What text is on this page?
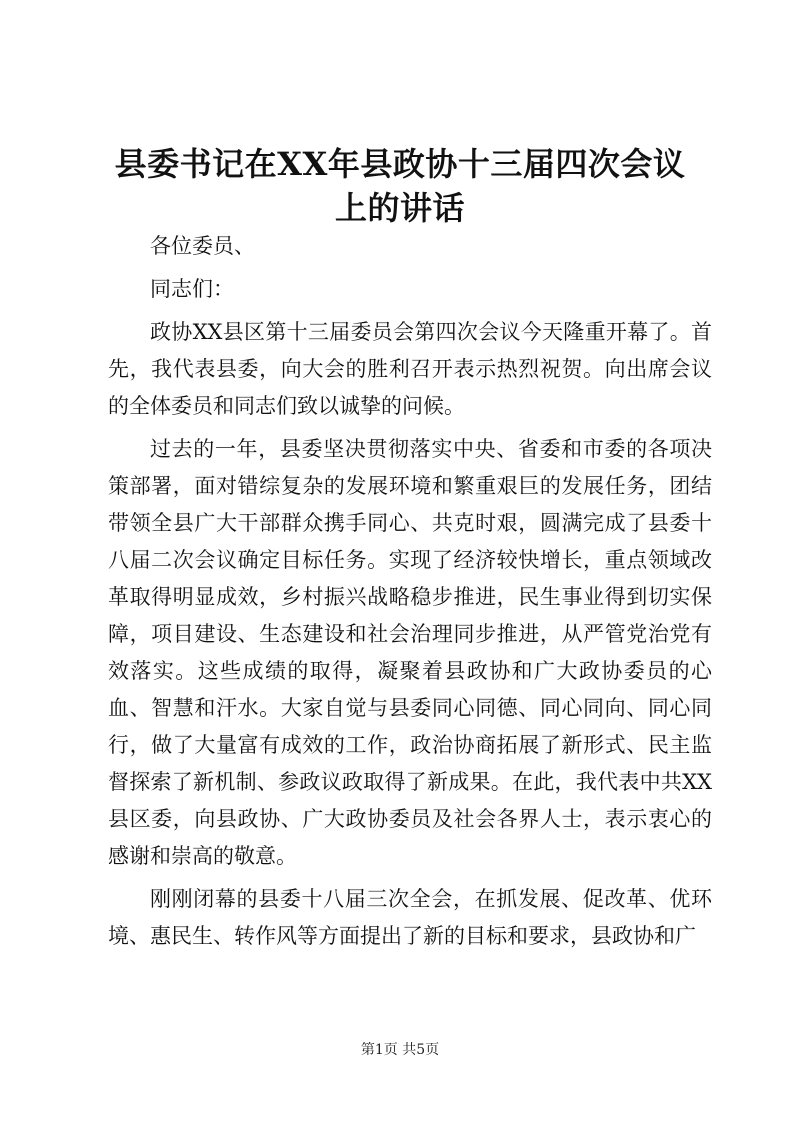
县委书记在XX年县政协十三届四次会议上的讲话

各位委员、

同志们：

政协XX县区第十三届委员会第四次会议今天隆重开幕了。首先，我代表县委，向大会的胜利召开表示热烈祝贺。向出席会议的全体委员和同志们致以诚挚的问候。

过去的一年，县委坚决贯彻落实中央、省委和市委的各项决策部署，面对错综复杂的发展环境和繁重艰巨的发展任务，团结带领全县广大干部群众携手同心、共克时艰，圆满完成了县委十八届二次会议确定目标任务。实现了经济较快增长，重点领域改革取得明显成效，乡村振兴战略稳步推进，民生事业得到切实保障，项目建设、生态建设和社会治理同步推进，从严管党治党有效落实。这些成绩的取得，凝聚着县政协和广大政协委员的心血、智慧和汗水。大家自觉与县委同心同德、同心同向、同心同行，做了大量富有成效的工作，政治协商拓展了新形式、民主监督探索了新机制、参政议政取得了新成果。在此，我代表中共XX县区委，向县政协、广大政协委员及社会各界人士，表示衷心的感谢和崇高的敬意。

刚刚闭幕的县委十八届三次全会，在抓发展、促改革、优环境、惠民生、转作风等方面提出了新的目标和要求，县政协和广

第1页 共5页
